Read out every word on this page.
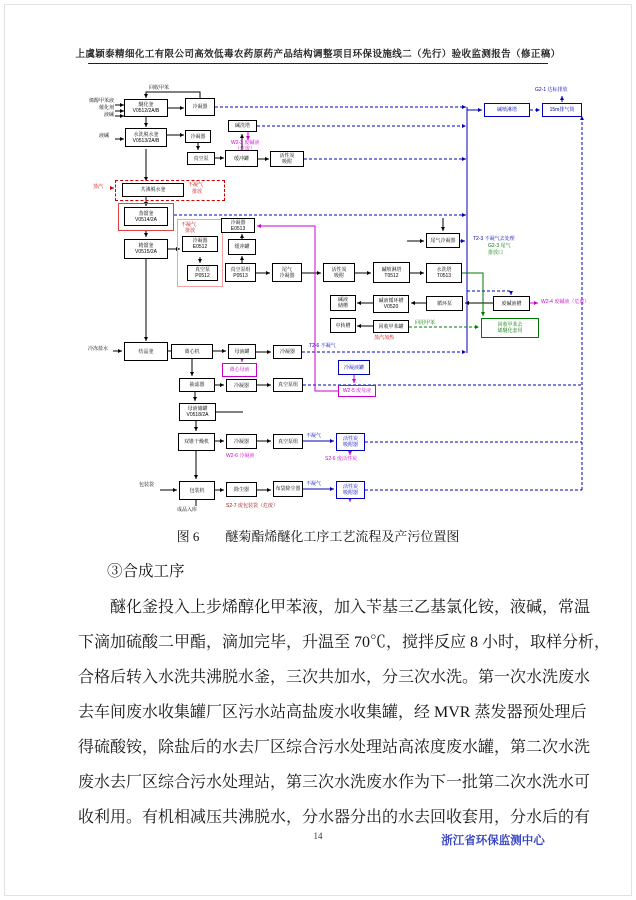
上虞颖泰精细化工有限公司高效低毒农药原药产品结构调整项目环保设施线二（先行）验收监测报告（修正稿）
醚化釜
V0512/2A/B
冷凝器
水洗脱水釜
V0513/2A/B
冷凝器
真空泵	缓冲罐	活性炭
吸附
碱洗塔
共沸脱水釜
蒸馏釜
V0514/2A
精馏釜
V0515/2A
结晶釜
冷凝器
E0512
真空泵
P0512
冷凝器
E0513
缓冲罐
真空泵组
P0513
尾气
冷凝器
活性炭
吸附
碱喷淋塔
T0512
水洗塔
T0513
尾气冷凝器
碱液
储槽
碱液循环槽
V0520
循环泵	废碱液槽
中转槽	回收甲苯罐	回收甲苯去
烯醚化套用
离心机	母液罐	冷凝器
离心母液	冷凝液罐
W2-5 废母液
抽滤器	冷凝器	真空泵组
母液储罐
V0518/2A
双锥干燥机	冷凝器	真空泵组	活性炭
吸附器
包装机	除尘器	布袋除尘器	活性炭
吸附器
碱喷淋塔	15m排气筒
烯醇甲苯液
催化剂
液碱
回收甲苯
液碱
冷冻盐水
包装袋
成品入库
蒸汽	不凝气
排放
不凝气
排放
蒸汽加热
G2-1 达标排放
T2-3 不凝气去处理
T2-6 不凝气
不凝气
不凝气
G2-3 尾气
排放口
回用甲苯
W2-3 废碱液
（危废）
W2-4 废碱液（危废）
S2-6 废活性炭
W2-6 冷凝液
S2-7 废包装袋（危废）
图 6 醚菊酯烯醚化工序工艺流程及产污位置图
③合成工序
醚化釜投入上步烯醇化甲苯液，加入苄基三乙基氯化铵，液碱，常温
下滴加硫酸二甲酯，滴加完毕，升温至 70℃，搅拌反应 8 小时，取样分析，
合格后转入水洗共沸脱水釜，三次共加水，分三次水洗。第一次水洗废水
去车间废水收集罐厂区污水站高盐废水收集罐，经 MVR 蒸发器预处理后
得硫酸铵，除盐后的水去厂区综合污水处理站高浓度废水罐，第二次水洗
废水去厂区综合污水处理站，第三次水洗废水作为下一批第二次水洗水可
收利用。有机相减压共沸脱水，分水器分出的水去回收套用，分水后的有
14	浙江省环保监测中心
